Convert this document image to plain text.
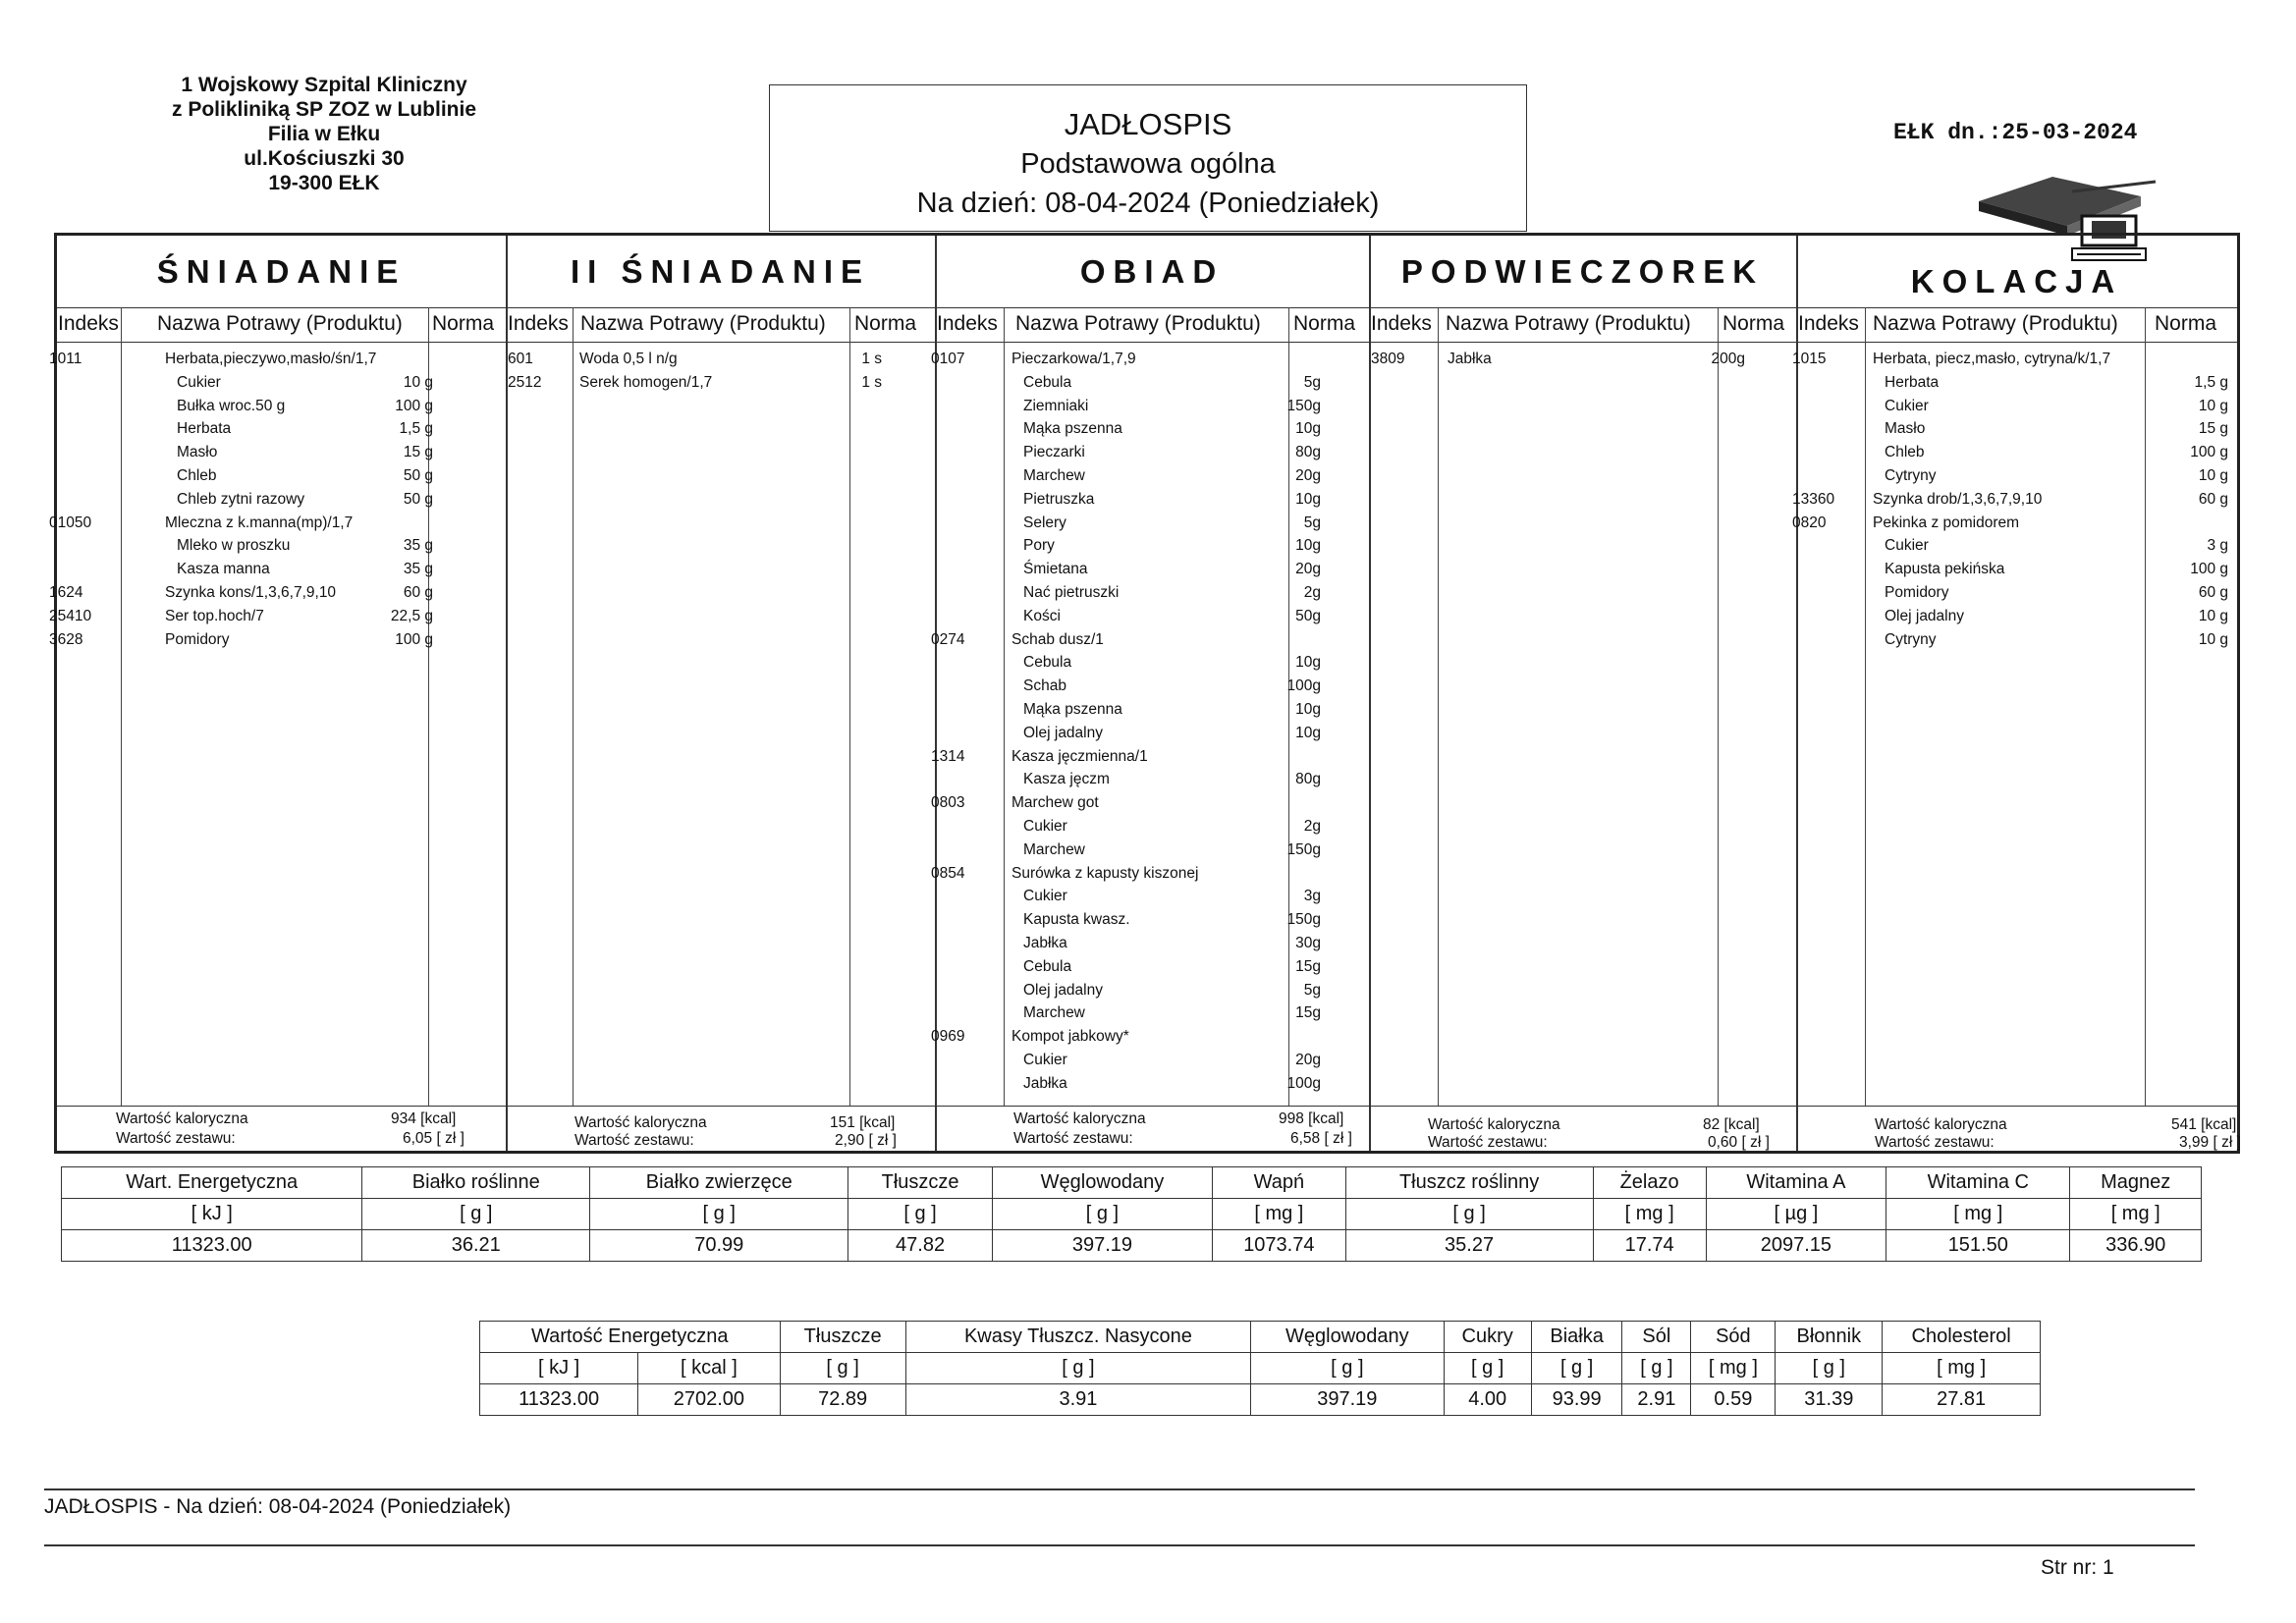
1 Wojskowy Szpital Kliniczny
z Polikliniką SP ZOZ w Lublinie
Filia w Ełku
ul.Kościuszki 30
19-300 EŁK
JADŁOSPIS
Podstawowa ogólna
Na dzień: 08-04-2024 (Poniedziałek)
EŁK dn.:25-03-2024
ŚNIADANIE
Indeks Nazwa Potrawy (Produktu) Norma
1011	Herbata,pieczywo,masło/śn/1,7
Cukier	10 g
Bułka wroc.50 g	100 g
Herbata	1,5 g
Masło	15 g
Chleb	50 g
Chleb zytni razowy	50 g
01050	Mleczna z k.manna(mp)/1,7
Mleko w proszku	35 g
Kasza manna	35 g
1624	Szynka kons/1,3,6,7,9,10	60 g
25410	Ser top.hoch/7	22,5 g
3628	Pomidory	100 g
Wartość kaloryczna	934 [kcal]
Wartość zestawu:	6,05 [ zł ]
II ŚNIADANIE
Indeks Nazwa Potrawy (Produktu) Norma
601	Woda 0,5 l n/g	1 s
2512 Serek homogen/1,7	1 s
Wartość kaloryczna	151 [kcal]
Wartość zestawu:	2,90 [ zł ]
OBIAD
Indeks Nazwa Potrawy (Produktu) Norma
0107	Pieczarkowa/1,7,9
Cebula	5g
Ziemniaki	150g
Mąka pszenna	10g
Pieczarki	80g
Marchew	20g
Pietruszka	10g
Selery	5g
Pory	10g
Śmietana	20g
Nać pietruszki	2g
Kości	50g
0274	Schab dusz/1
Cebula	10g
Schab	100g
Mąka pszenna	10g
Olej jadalny	10g
1314	Kasza jęczmienna/1
Kasza jęczm	80g
0803	Marchew got
Cukier	2g
Marchew	150g
0854	Surówka z kapusty kiszonej
Cukier	3g
Kapusta kwasz.	150g
Jabłka	30g
Cebula	15g
Olej jadalny	5g
Marchew	15g
0969	Kompot jabkowy*
Cukier	20g
Jabłka	100g
Wartość kaloryczna	998 [kcal]
Wartość zestawu:	6,58 [ zł ]
PODWIECZOREK
Indeks Nazwa Potrawy (Produktu) Norma
3809	Jabłka	200g
Wartość kaloryczna	82 [kcal]
Wartość zestawu:	0,60 [ zł ]
KOLACJA
Indeks Nazwa Potrawy (Produktu) Norma
1015	Herbata, piecz,masło, cytryna/k/1,7
Herbata	1,5 g
Cukier	10 g
Masło	15 g
Chleb	100 g
Cytryny	10 g
13360	Szynka drob/1,3,6,7,9,10	60 g
0820	Pekinka z pomidorem
Cukier	3 g
Kapusta pekińska	100 g
Pomidory	60 g
Olej jadalny	10 g
Cytryny	10 g
Wartość kaloryczna	541 [kcal]
Wartość zestawu:	3,99 [ zł ]
Wart. Energetyczna	Białko roślinne	Białko zwierzęce	Tłuszcze	Węglowodany	Wapń	Tłuszcz roślinny	Żelazo	Witamina A	Witamina C	Magnez
[ kJ ]	[ g ]	[ g ]	[ g ]	[ g ]	[ mg ]	[ g ]	[ mg ]	[ µg ]	[ mg ]	[ mg ]
11323.00	36.21	70.99	47.82	397.19	1073.74	35.27	17.74	2097.15	151.50	336.90
Wartość Energetyczna		Tłuszcze	Kwasy Tłuszcz. Nasycone	Węglowodany	Cukry	Białka	Sól	Sód	Błonnik	Cholesterol
[ kJ ]	[ kcal ]	[ g ]	[ g ]	[ g ]	[ g ]	[ g ]	[ g ]	[ mg ]	[ g ]	[ mg ]
11323.00	2702.00	72.89	3.91	397.19	4.00	93.99	2.91	0.59	31.39	27.81
JADŁOSPIS - Na dzień: 08-04-2024 (Poniedziałek)
Str nr: 1
